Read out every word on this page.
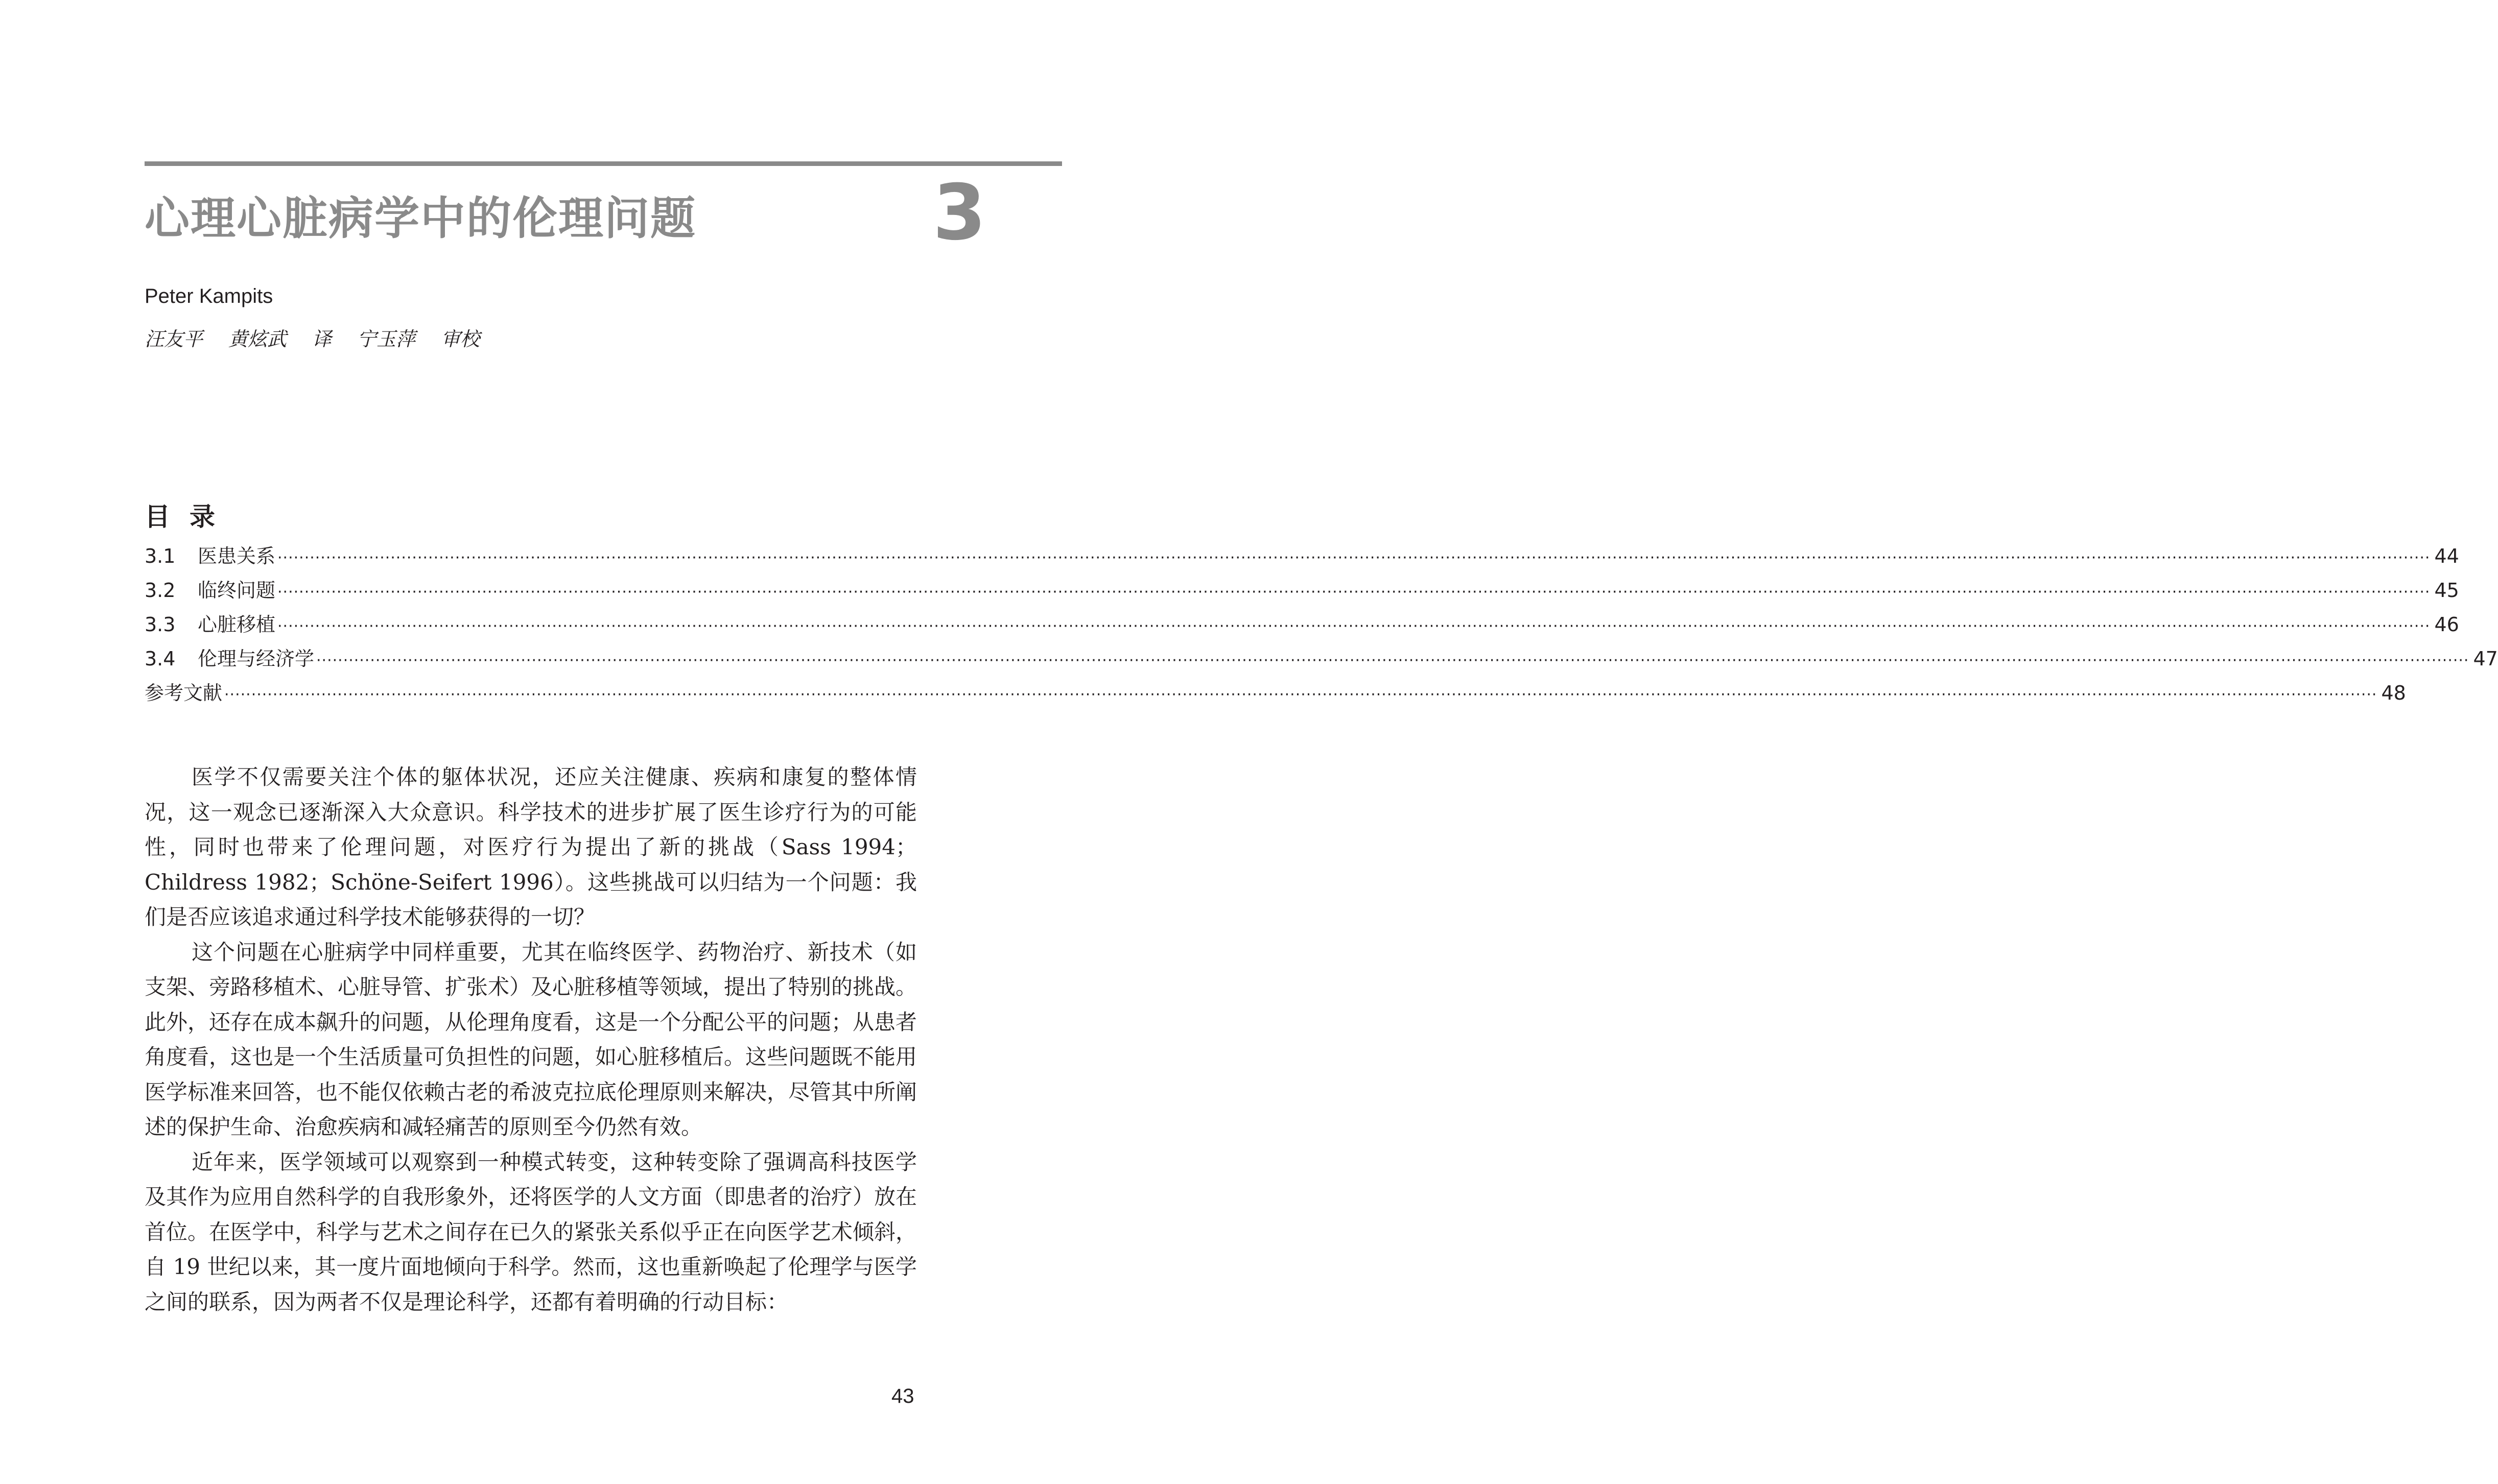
心理心脏病学中的伦理问题	3
Peter Kampits
汪友平 黄炫武 译 宁玉萍 审校
目录
3.1	医患关系 ················································································································································································································································································································································································································ 44
3.2	临终问题 ················································································································································································································································································································································································································ 45
3.3	心脏移植 ················································································································································································································································································································································································································ 46
3.4	伦理与经济学 ················································································································································································································································································································································································································ 47
参考文献 ················································································································································································································································································································································································································ 48

医学不仅需要关注个体的躯体状况，还应关注健康、疾病和康复的整体情况，这一观念已逐渐深入大众意识。科学技术的进步扩展了医生诊疗行为的可能性，同时也带来了伦理问题，对医疗行为提出了新的挑战（Sass 1994；Childress 1982；Schöne-Seifert 1996）。这些挑战可以归结为一个问题：我们是否应该追求通过科学技术能够获得的一切？

这个问题在心脏病学中同样重要，尤其在临终医学、药物治疗、新技术（如支架、旁路移植术、心脏导管、扩张术）及心脏移植等领域，提出了特别的挑战。此外，还存在成本飙升的问题，从伦理角度看，这是一个分配公平的问题；从患者角度看，这也是一个生活质量可负担性的问题，如心脏移植后。这些问题既不能用医学标准来回答，也不能仅依赖古老的希波克拉底伦理原则来解决，尽管其中所阐述的保护生命、治愈疾病和减轻痛苦的原则至今仍然有效。

近年来，医学领域可以观察到一种模式转变，这种转变除了强调高科技医学及其作为应用自然科学的自我形象外，还将医学的人文方面（即患者的治疗）放在首位。在医学中，科学与艺术之间存在已久的紧张关系似乎正在向医学艺术倾斜，自 19 世纪以来，其一度片面地倾向于科学。然而，这也重新唤起了伦理学与医学之间的联系，因为两者不仅是理论科学，还都有着明确的行动目标：

43
